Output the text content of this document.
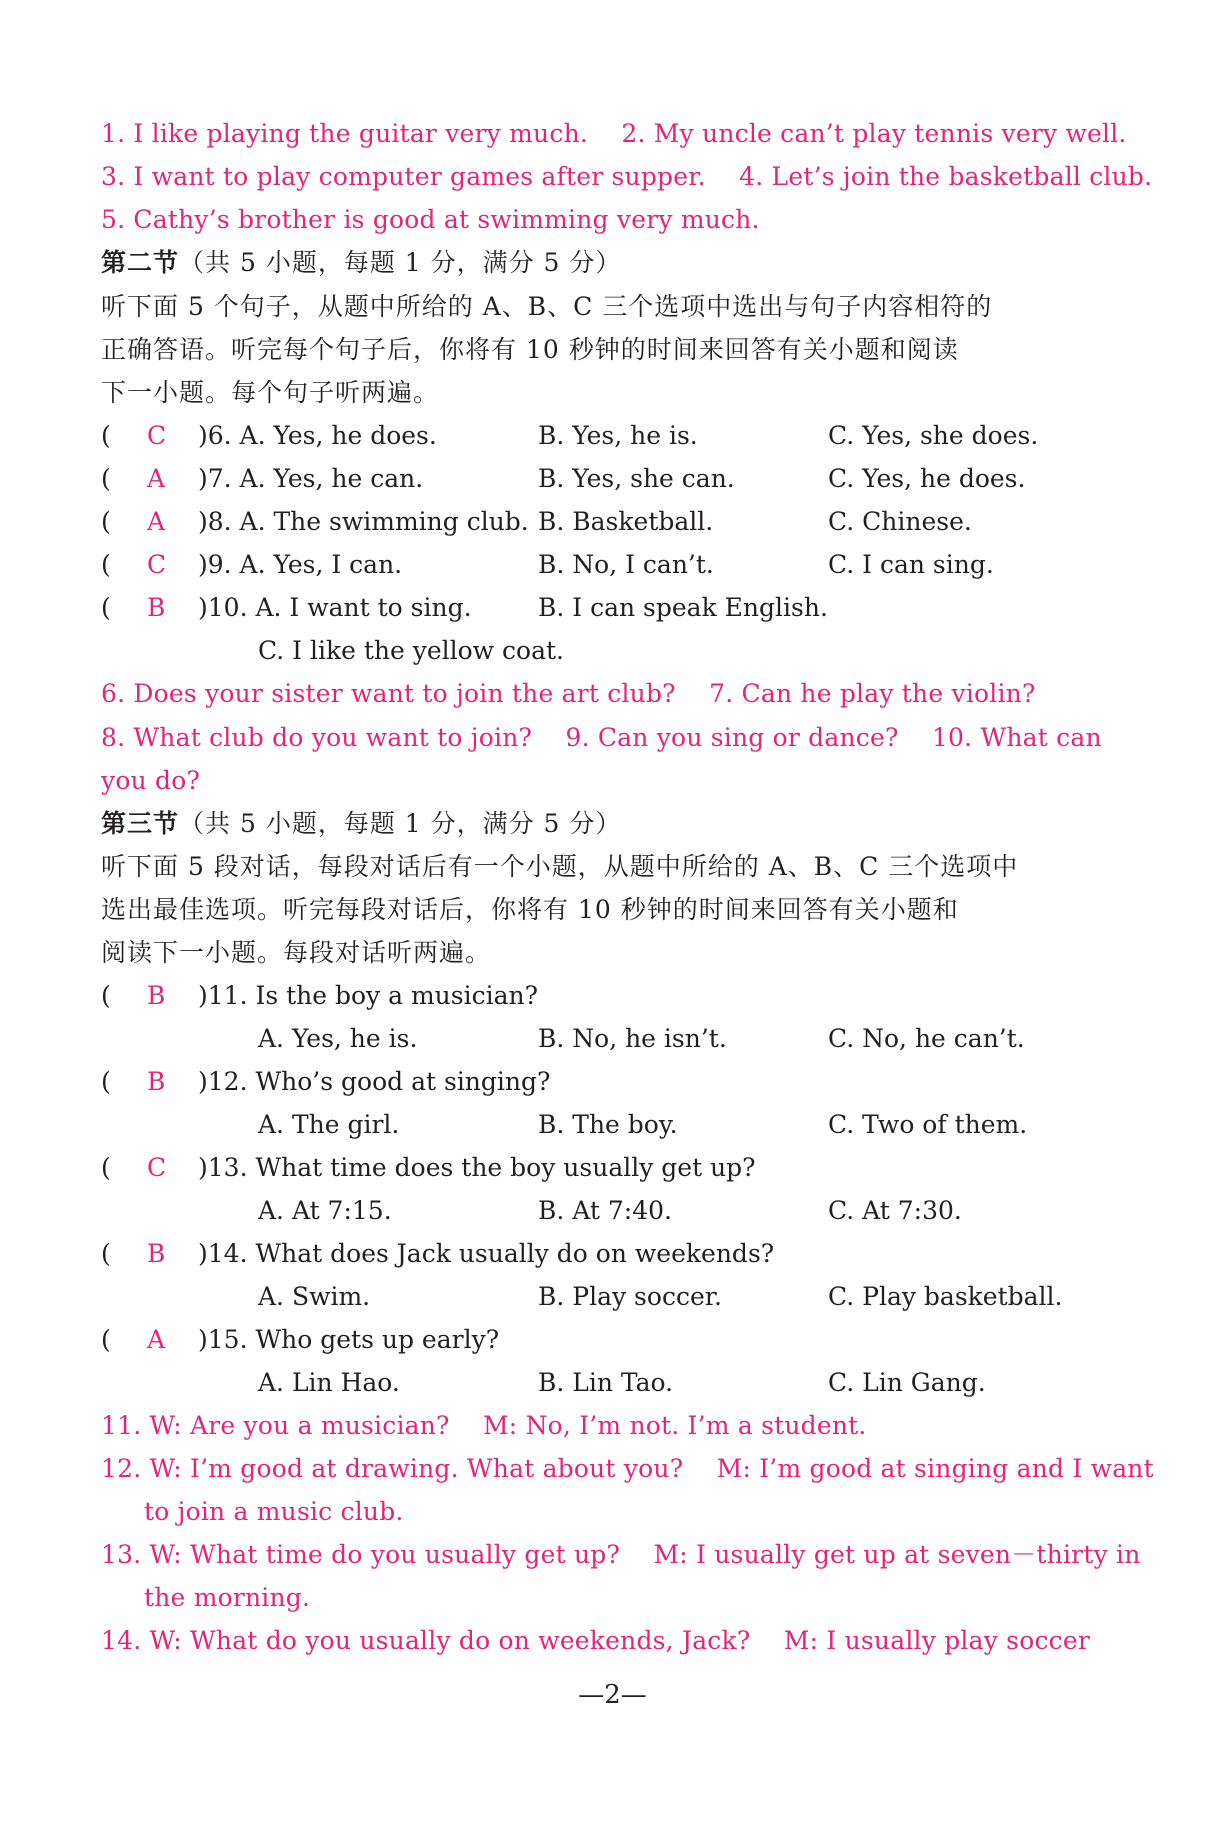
1. I like playing the guitar very much.　 2. My uncle can’t play tennis very well.
3. I want to play computer games after supper.　 4. Let’s join the basketball club.
5. Cathy’s brother is good at swimming very much.
第二节（共 5 小题，每题 1 分，满分 5 分）
听下面 5 个句子，从题中所给的 A、B、C 三个选项中选出与句子内容相符的
正确答语。听完每个句子后，你将有 10 秒钟的时间来回答有关小题和阅读
下一小题。每个句子听两遍。
( C )6. A. Yes, he does.	B. Yes, he is.	C. Yes, she does.
( A )7. A. Yes, he can.	B. Yes, she can.	C. Yes, he does.
( A )8. A. The swimming club. B. Basketball.	C. Chinese.
( C )9. A. Yes, I can.	B. No, I can’t.	C. I can sing.
( B )10. A. I want to sing.	B. I can speak English.
C. I like the yellow coat.
6. Does your sister want to join the art club?　 7. Can he play the violin?
8. What club do you want to join?　 9. Can you sing or dance?　 10. What can
you do?
第三节（共 5 小题，每题 1 分，满分 5 分）
听下面 5 段对话，每段对话后有一个小题，从题中所给的 A、B、C 三个选项中
选出最佳选项。听完每段对话后，你将有 10 秒钟的时间来回答有关小题和
阅读下一小题。每段对话听两遍。
( B )11. Is the boy a musician?
A. Yes, he is.	B. No, he isn’t.	C. No, he can’t.
( B )12. Who’s good at singing?
A. The girl.	B. The boy.	C. Two of them.
( C )13. What time does the boy usually get up?
A. At 7:15.	B. At 7:40.	C. At 7:30.
( B )14. What does Jack usually do on weekends?
A. Swim.	B. Play soccer.	C. Play basketball.
( A )15. Who gets up early?
A. Lin Hao.	B. Lin Tao.	C. Lin Gang.
11. W: Are you a musician?　 M: No, I’m not. I’m a student.
12. W: I’m good at drawing. What about you?　 M: I’m good at singing and I want
to join a music club.
13. W: What time do you usually get up?　 M: I usually get up at seven－thirty in
the morning.
14. W: What do you usually do on weekends, Jack?　 M: I usually play soccer
—2—
